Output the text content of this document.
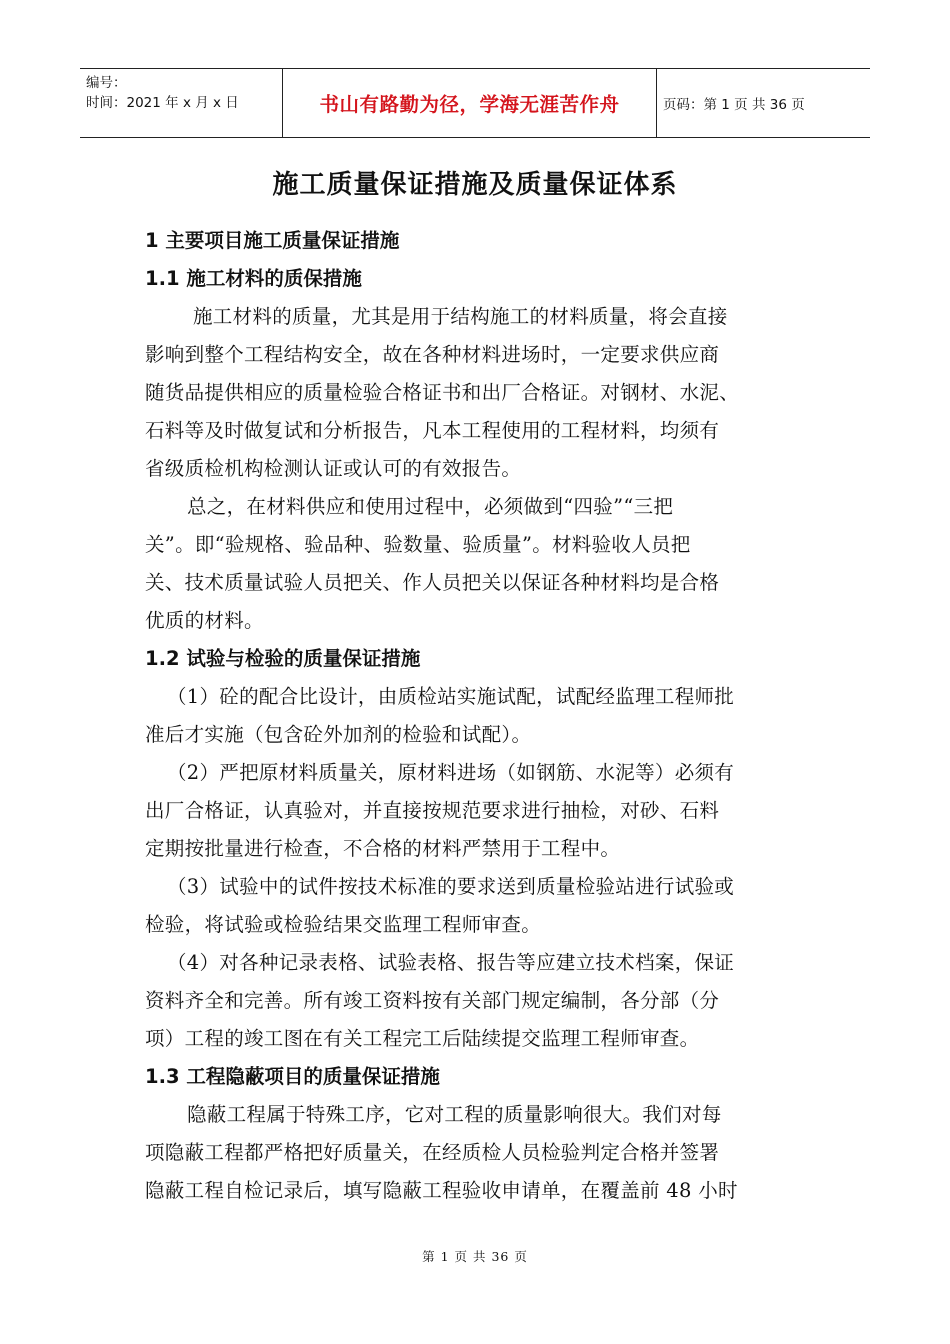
编号：
时间：2021 年 x 月 x 日	书山有路勤为径，学海无涯苦作舟	页码：第 1 页 共 36 页
施工质量保证措施及质量保证体系
1 主要项目施工质量保证措施
1.1 施工材料的质保措施
施工材料的质量，尤其是用于结构施工的材料质量，将会直接
影响到整个工程结构安全，故在各种材料进场时，一定要求供应商
随货品提供相应的质量检验合格证书和出厂合格证。对钢材、水泥、
石料等及时做复试和分析报告，凡本工程使用的工程材料，均须有
省级质检机构检测认证或认可的有效报告。
总之，在材料供应和使用过程中，必须做到“四验”“三把
关”。即“验规格、验品种、验数量、验质量”。材料验收人员把
关、技术质量试验人员把关、作人员把关以保证各种材料均是合格
优质的材料。
1.2 试验与检验的质量保证措施
（1）砼的配合比设计，由质检站实施试配，试配经监理工程师批
准后才实施（包含砼外加剂的检验和试配）。
（2）严把原材料质量关，原材料进场（如钢筋、水泥等）必须有
出厂合格证，认真验对，并直接按规范要求进行抽检，对砂、石料
定期按批量进行检查，不合格的材料严禁用于工程中。
（3）试验中的试件按技术标准的要求送到质量检验站进行试验或
检验，将试验或检验结果交监理工程师审查。
（4）对各种记录表格、试验表格、报告等应建立技术档案，保证
资料齐全和完善。所有竣工资料按有关部门规定编制，各分部（分
项）工程的竣工图在有关工程完工后陆续提交监理工程师审查。
1.3 工程隐蔽项目的质量保证措施
隐蔽工程属于特殊工序，它对工程的质量影响很大。我们对每
项隐蔽工程都严格把好质量关，在经质检人员检验判定合格并签署
隐蔽工程自检记录后，填写隐蔽工程验收申请单，在覆盖前 48 小时
第 1 页 共 36 页
